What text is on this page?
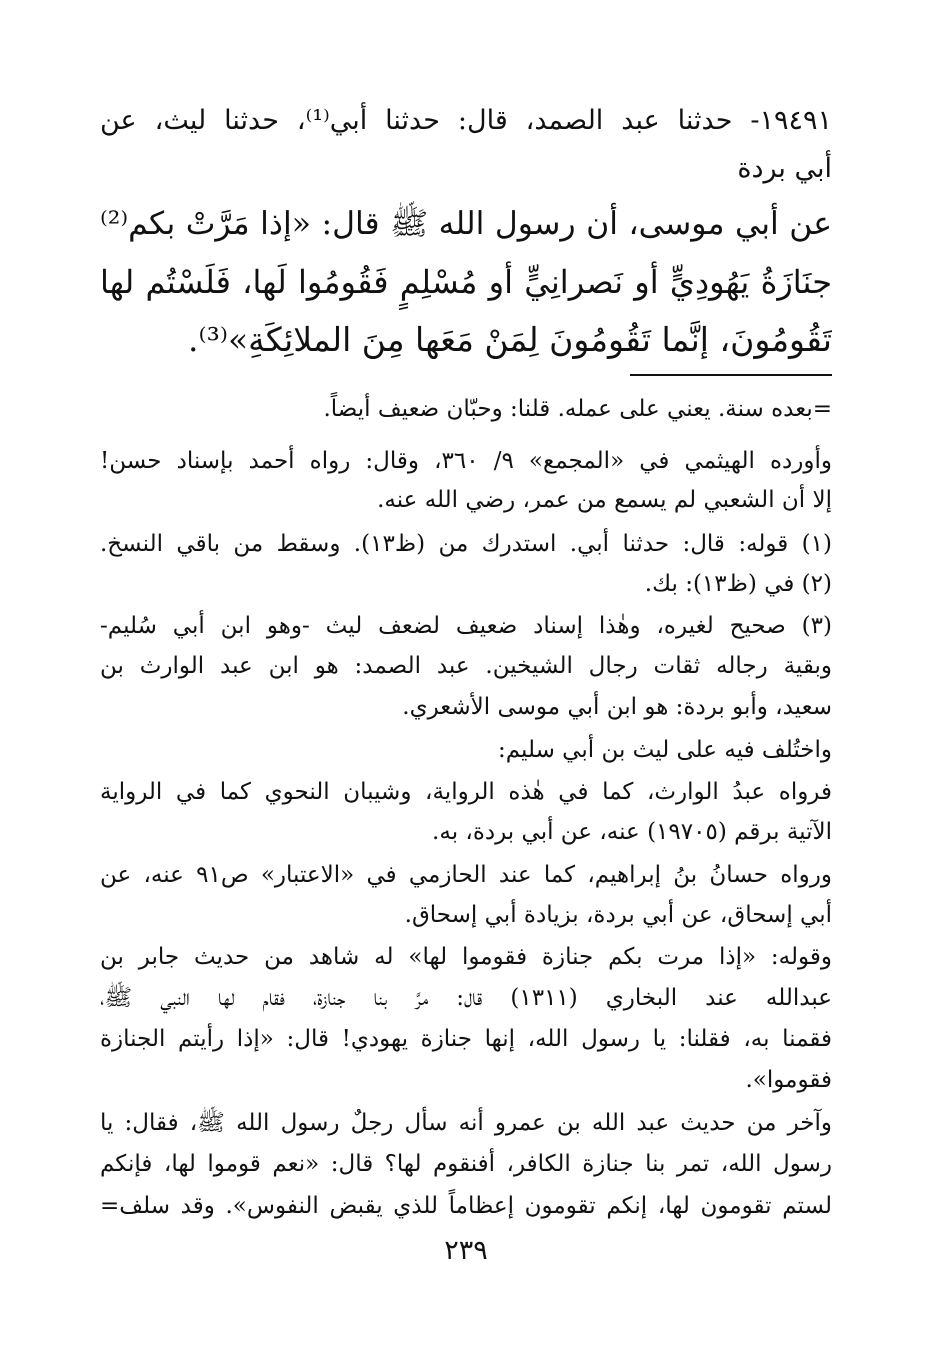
١٩٤٩١- حدثنا عبد الصمد، قال: حدثنا أبي⁽¹⁾، حدثنا ليث، عن
أبي بردة
عن أبي موسى، أن رسول الله ﷺ قال: «إذا مَرَّتْ بكم⁽²⁾
جنَازَةُ يَهُودِيٍّ أو نَصرانِيٍّ أو مُسْلِمٍ فَقُومُوا لَها، فَلَسْتُم لها
تَقُومُونَ، إنَّما تَقُومُونَ لِمَنْ مَعَها مِنَ الملائِكَةِ»⁽³⁾.
=بعده سنة. يعني على عمله. قلنا: وحبّان ضعيف أيضاً.
وأورده الهيثمي في «المجمع» ٩/ ٣٦٠، وقال: رواه أحمد بإسناد حسن!
إلا أن الشعبي لم يسمع من عمر، رضي الله عنه.
(١) قوله: قال: حدثنا أبي. استدرك من (ظ١٣). وسقط من باقي النسخ.
(٢) في (ظ١٣): بك.
(٣) صحيح لغيره، وهٰذا إسناد ضعيف لضعف ليث -وهو ابن أبي سُليم-
وبقية رجاله ثقات رجال الشيخين. عبد الصمد: هو ابن عبد الوارث بن
سعيد، وأبو بردة: هو ابن أبي موسى الأشعري.
واختُلف فيه على ليث بن أبي سليم:
فرواه عبدُ الوارث، كما في هٰذه الرواية، وشيبان النحوي كما في الرواية
الآتية برقم (١٩٧٠٥) عنه، عن أبي بردة، به.
ورواه حسانُ بنُ إبراهيم، كما عند الحازمي في «الاعتبار» ص٩١ عنه، عن
أبي إسحاق، عن أبي بردة، بزيادة أبي إسحاق.
وقوله: «إذا مرت بكم جنازة فقوموا لها» له شاهد من حديث جابر بن
عبدالله عند البخاري (١٣١١) قال: مرَّ بنا جنازة، فقام لها النبي ﷺ،
فقمنا به، فقلنا: يا رسول الله، إنها جنازة يهودي! قال: «إذا رأيتم الجنازة
فقوموا».
وآخر من حديث عبد الله بن عمرو أنه سأل رجلٌ رسول الله ﷺ، فقال: يا
رسول الله، تمر بنا جنازة الكافر، أفنقوم لها؟ قال: «نعم قوموا لها، فإنكم
لستم تقومون لها، إنكم تقومون إعظاماً للذي يقبض النفوس». وقد سلف=
٢٣٩
